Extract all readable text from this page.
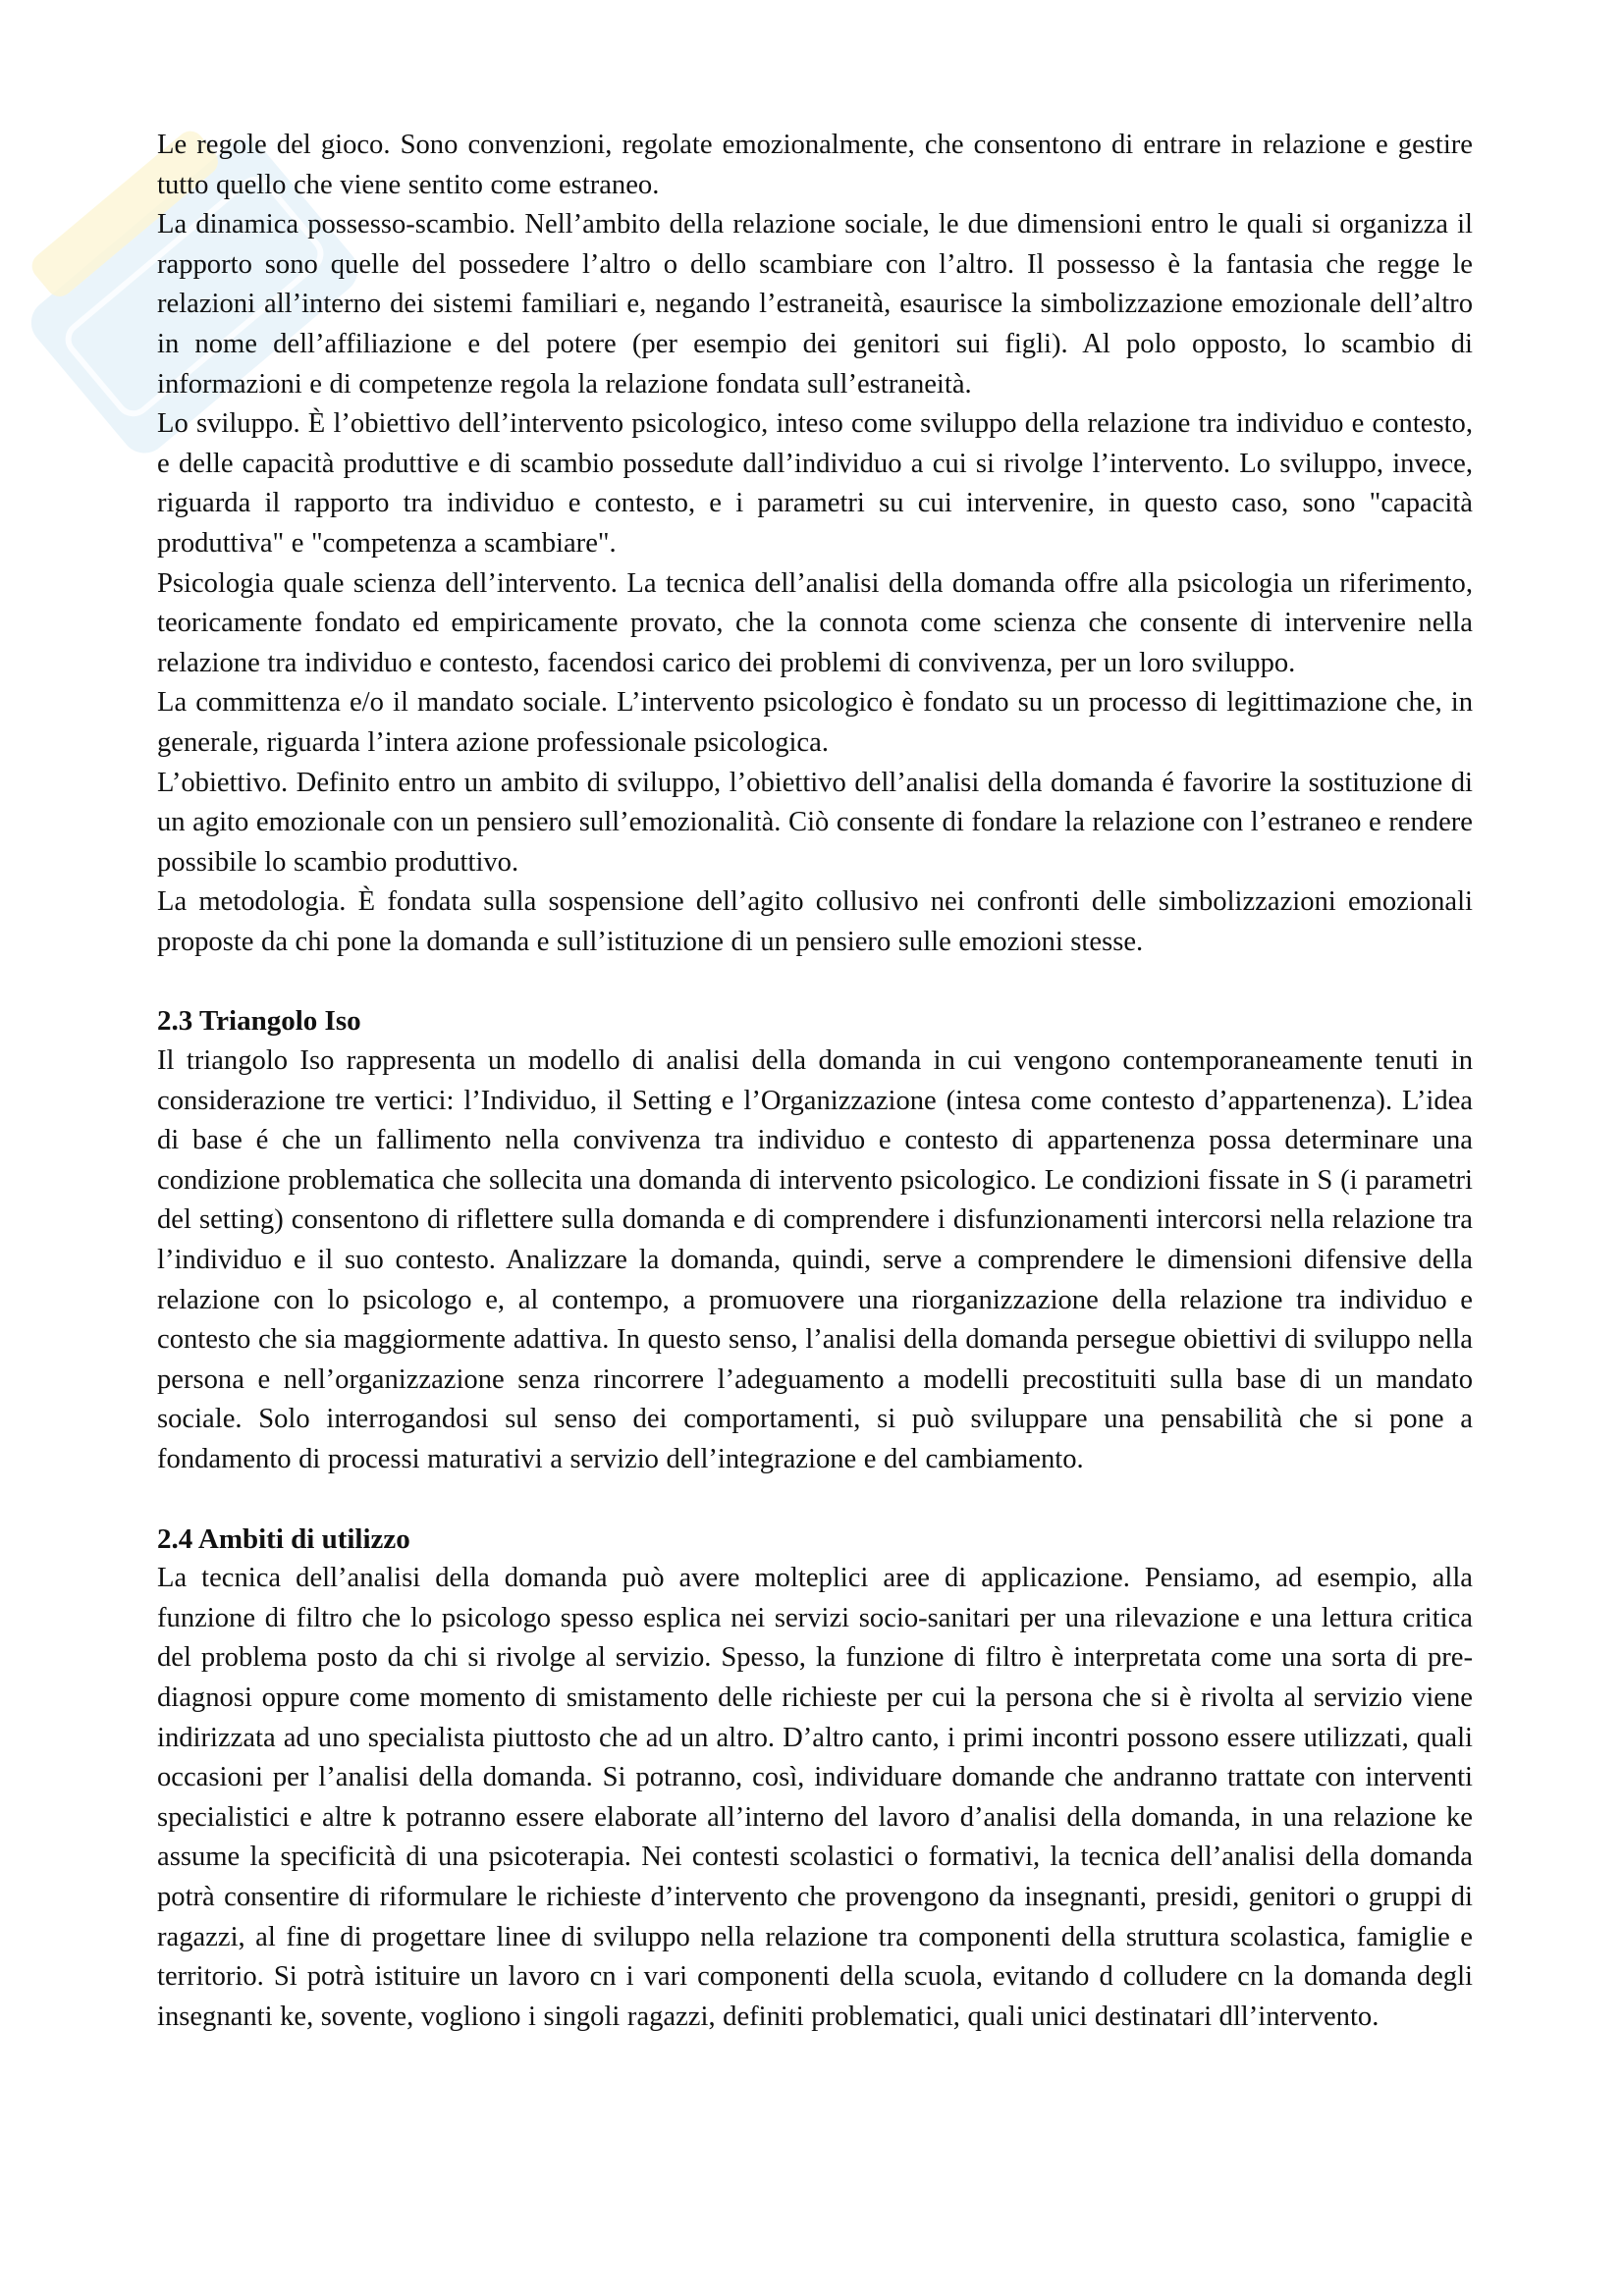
Le regole del gioco. Sono convenzioni, regolate emozionalmente, che consentono di entrare in relazione e gestire tutto quello che viene sentito come estraneo.

La dinamica possesso-scambio. Nell’ambito della relazione sociale, le due dimensioni entro le quali si organizza il rapporto sono quelle del possedere l’altro o dello scambiare con l’altro. Il possesso è la fantasia che regge le relazioni all’interno dei sistemi familiari e, negando l’estraneità, esaurisce la simbolizzazione emozionale dell’altro in nome dell’affiliazione e del potere (per esempio dei genitori sui figli). Al polo opposto, lo scambio di informazioni e di competenze regola la relazione fondata sull’estraneità.

Lo sviluppo. È l’obiettivo dell’intervento psicologico, inteso come sviluppo della relazione tra individuo e contesto, e delle capacità produttive e di scambio possedute dall’individuo a cui si rivolge l’intervento. Lo sviluppo, invece, riguarda il rapporto tra individuo e contesto, e i parametri su cui intervenire, in questo caso, sono "capacità produttiva" e "competenza a scambiare".

Psicologia quale scienza dell’intervento. La tecnica dell’analisi della domanda offre alla psicologia un riferimento, teoricamente fondato ed empiricamente provato, che la connota come scienza che consente di intervenire nella relazione tra individuo e contesto, facendosi carico dei problemi di convivenza, per un loro sviluppo.

La committenza e/o il mandato sociale. L’intervento psicologico è fondato su un processo di legittimazione che, in generale, riguarda l’intera azione professionale psicologica.

L’obiettivo. Definito entro un ambito di sviluppo, l’obiettivo dell’analisi della domanda é favorire la sostituzione di un agito emozionale con un pensiero sull’emozionalità. Ciò consente di fondare la relazione con l’estraneo e rendere possibile lo scambio produttivo.

La metodologia. È fondata sulla sospensione dell’agito collusivo nei confronti delle simbolizzazioni emozionali proposte da chi pone la domanda e sull’istituzione di un pensiero sulle emozioni stesse.

2.3 Triangolo Iso

Il triangolo Iso rappresenta un modello di analisi della domanda in cui vengono contemporaneamente tenuti in considerazione tre vertici: l’Individuo, il Setting e l’Organizzazione (intesa come contesto d’appartenenza). L’idea di base é che un fallimento nella convivenza tra individuo e contesto di appartenenza possa determinare una condizione problematica che sollecita una domanda di intervento psicologico. Le condizioni fissate in S (i parametri del setting) consentono di riflettere sulla domanda e di comprendere i disfunzionamenti intercorsi nella relazione tra l’individuo e il suo contesto. Analizzare la domanda, quindi, serve a comprendere le dimensioni difensive della relazione con lo psicologo e, al contempo, a promuovere una riorganizzazione della relazione tra individuo e contesto che sia maggiormente adattiva. In questo senso, l’analisi della domanda persegue obiettivi di sviluppo nella persona e nell’organizzazione senza rincorrere l’adeguamento a modelli precostituiti sulla base di un mandato sociale. Solo interrogandosi sul senso dei comportamenti, si può sviluppare una pensabilità che si pone a fondamento di processi maturativi a servizio dell’integrazione e del cambiamento.

2.4 Ambiti di utilizzo

La tecnica dell’analisi della domanda può avere molteplici aree di applicazione. Pensiamo, ad esempio, alla funzione di filtro che lo psicologo spesso esplica nei servizi socio-sanitari per una rilevazione e una lettura critica del problema posto da chi si rivolge al servizio. Spesso, la funzione di filtro è interpretata come una sorta di pre-diagnosi oppure come momento di smistamento delle richieste per cui la persona che si è rivolta al servizio viene indirizzata ad uno specialista piuttosto che ad un altro. D’altro canto, i primi incontri possono essere utilizzati, quali occasioni per l’analisi della domanda. Si potranno, così, individuare domande che andranno trattate con interventi specialistici e altre k potranno essere elaborate all’interno del lavoro d’analisi della domanda, in una relazione ke assume la specificità di una psicoterapia. Nei contesti scolastici o formativi, la tecnica dell’analisi della domanda potrà consentire di riformulare le richieste d’intervento che provengono da insegnanti, presidi, genitori o gruppi di ragazzi, al fine di progettare linee di sviluppo nella relazione tra componenti della struttura scolastica, famiglie e territorio. Si potrà istituire un lavoro cn i vari componenti della scuola, evitando d colludere cn la domanda degli insegnanti ke, sovente, vogliono i singoli ragazzi, definiti problematici, quali unici destinatari dll’intervento.
